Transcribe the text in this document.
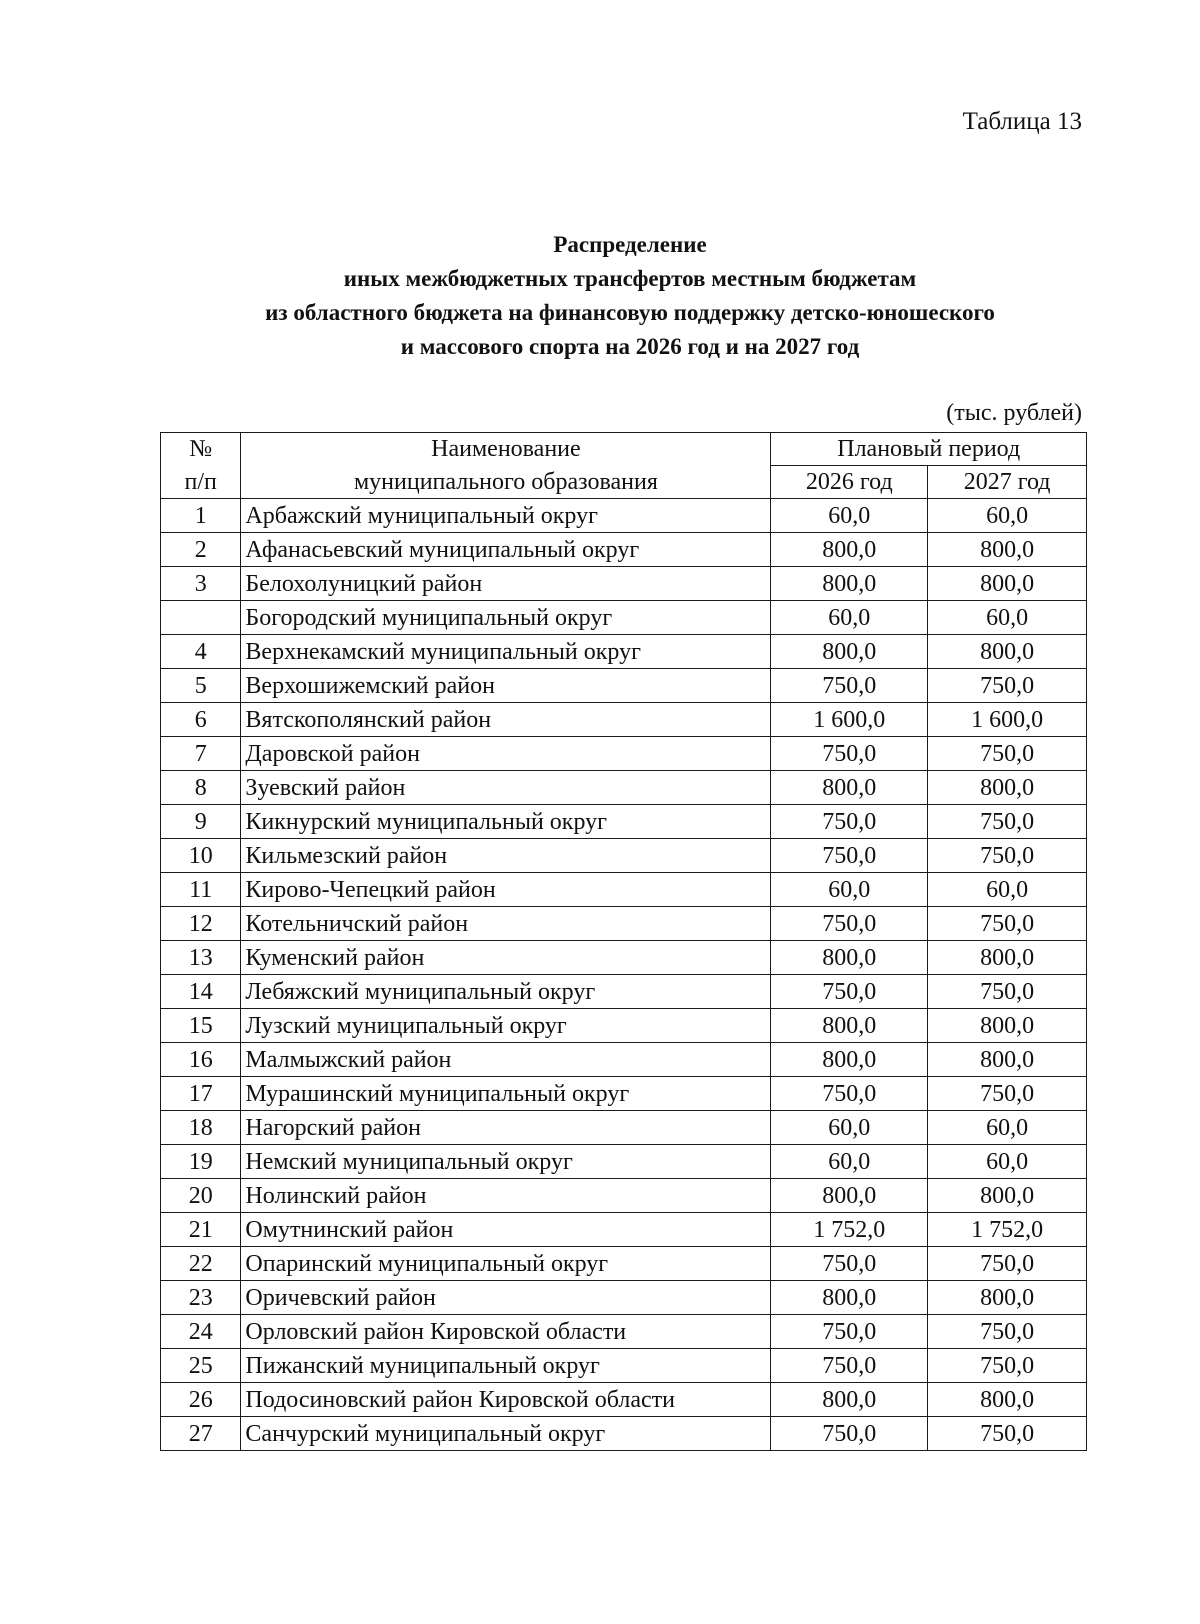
Таблица 13
Распределение
иных межбюджетных трансфертов местным бюджетам
из областного бюджета на финансовую поддержку детско-юношеского
и массового спорта на 2026 год и на 2027 год
(тыс. рублей)
№	Наименование	Плановый период	
п/п	муниципального образования	2026 год	2027 год
1	Арбажский муниципальный округ	60,0	60,0
2	Афанасьевский муниципальный округ	800,0	800,0
3	Белохолуницкий район	800,0	800,0
	Богородский муниципальный округ	60,0	60,0
4	Верхнекамский муниципальный округ	800,0	800,0
5	Верхошижемский район	750,0	750,0
6	Вятскополянский район	1 600,0	1 600,0
7	Даровской район	750,0	750,0
8	Зуевский район	800,0	800,0
9	Кикнурский муниципальный округ	750,0	750,0
10	Кильмезский район	750,0	750,0
11	Кирово-Чепецкий район	60,0	60,0
12	Котельничский район	750,0	750,0
13	Куменский район	800,0	800,0
14	Лебяжский муниципальный округ	750,0	750,0
15	Лузский муниципальный округ	800,0	800,0
16	Малмыжский район	800,0	800,0
17	Мурашинский муниципальный округ	750,0	750,0
18	Нагорский район	60,0	60,0
19	Немский муниципальный округ	60,0	60,0
20	Нолинский район	800,0	800,0
21	Омутнинский район	1 752,0	1 752,0
22	Опаринский муниципальный округ	750,0	750,0
23	Оричевский район	800,0	800,0
24	Орловский район Кировской области	750,0	750,0
25	Пижанский муниципальный округ	750,0	750,0
26	Подосиновский район Кировской области	800,0	800,0
27	Санчурский муниципальный округ	750,0	750,0
